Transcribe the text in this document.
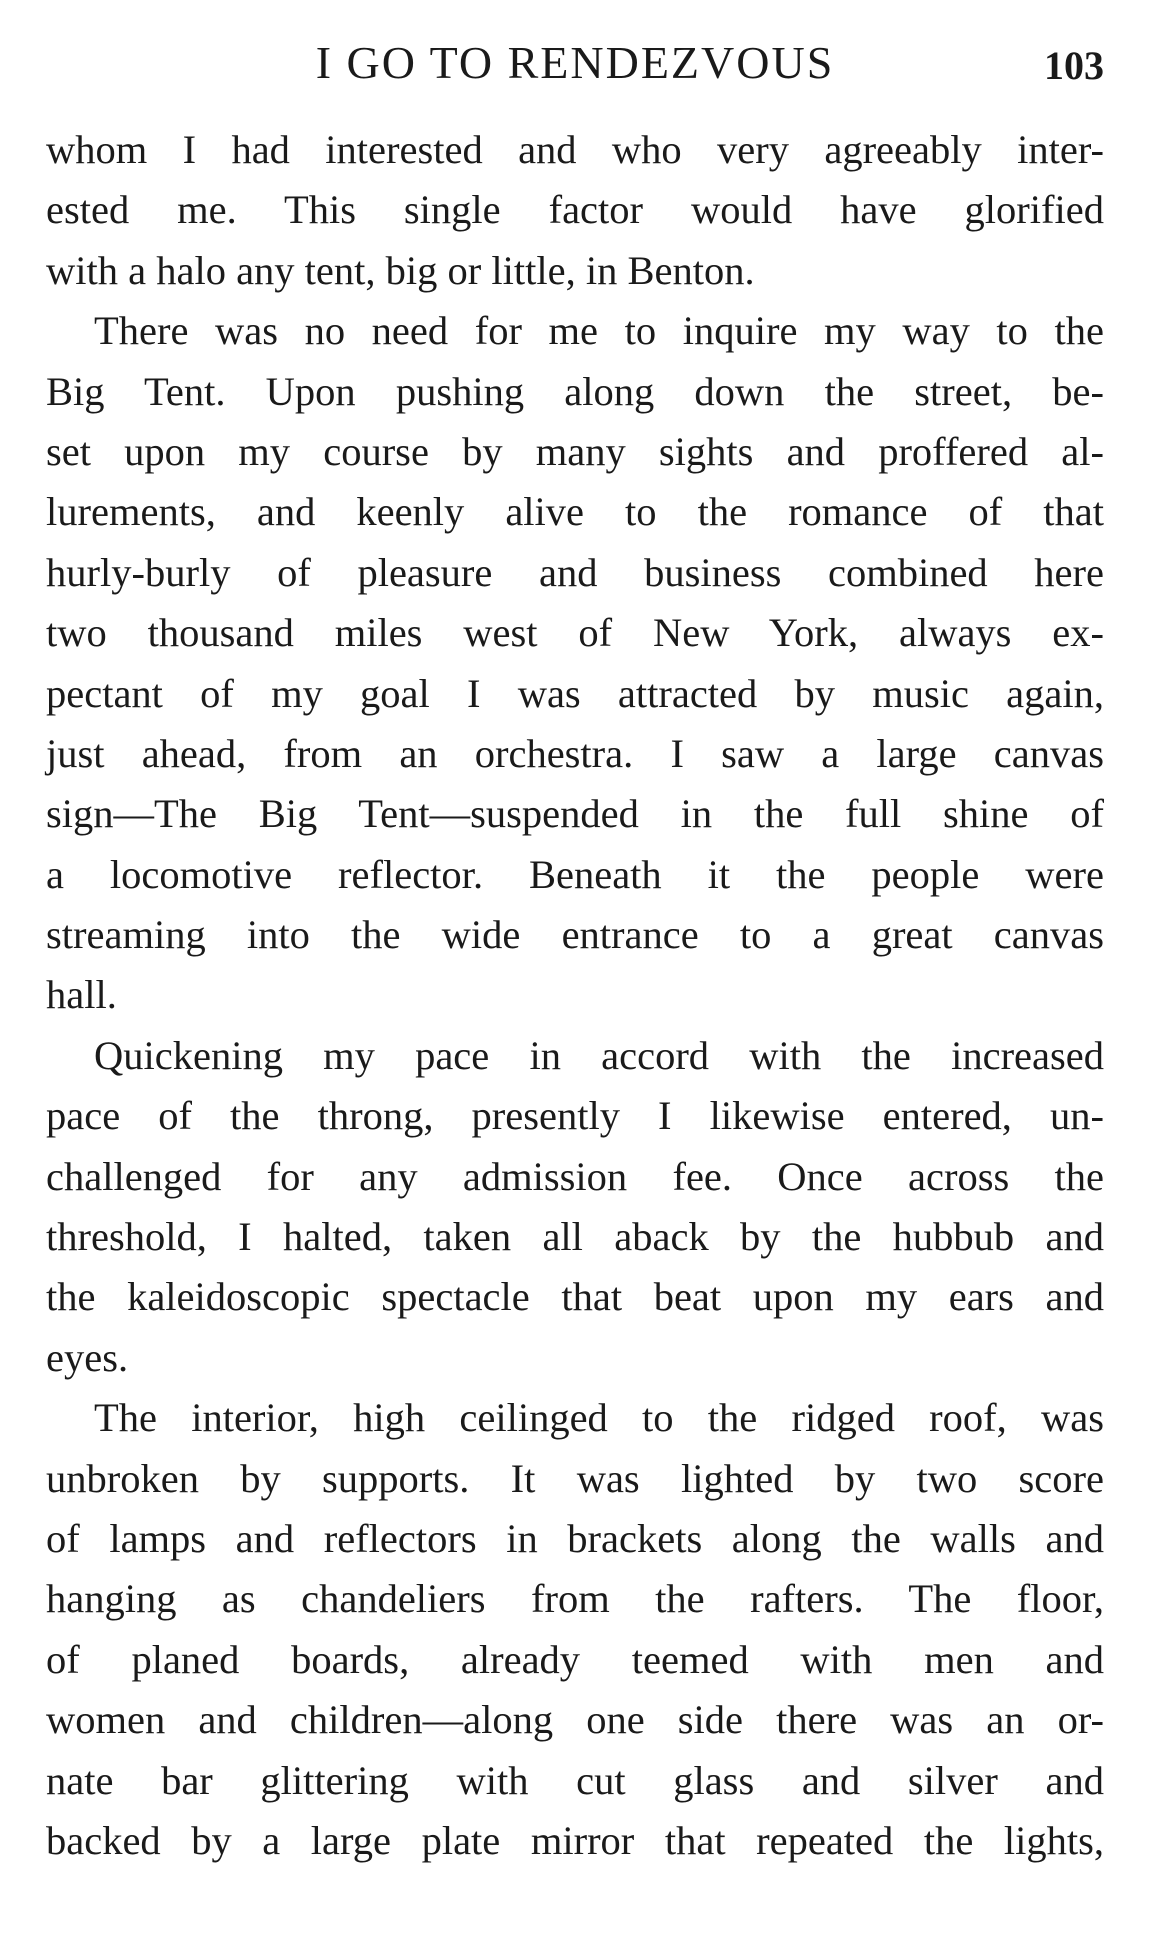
I GO TO RENDEZVOUS	103
whom I had interested and who very agreeably inter-
ested me. This single factor would have glorified
with a halo any tent, big or little, in Benton.
There was no need for me to inquire my way to the
Big Tent. Upon pushing along down the street, be-
set upon my course by many sights and proffered al-
lurements, and keenly alive to the romance of that
hurly-burly of pleasure and business combined here
two thousand miles west of New York, always ex-
pectant of my goal I was attracted by music again,
just ahead, from an orchestra. I saw a large canvas
sign—The Big Tent—suspended in the full shine of
a locomotive reflector. Beneath it the people were
streaming into the wide entrance to a great canvas
hall.
Quickening my pace in accord with the increased
pace of the throng, presently I likewise entered, un-
challenged for any admission fee. Once across the
threshold, I halted, taken all aback by the hubbub and
the kaleidoscopic spectacle that beat upon my ears and
eyes.
The interior, high ceilinged to the ridged roof, was
unbroken by supports. It was lighted by two score
of lamps and reflectors in brackets along the walls and
hanging as chandeliers from the rafters. The floor,
of planed boards, already teemed with men and
women and children—along one side there was an or-
nate bar glittering with cut glass and silver and
backed by a large plate mirror that repeated the lights,
